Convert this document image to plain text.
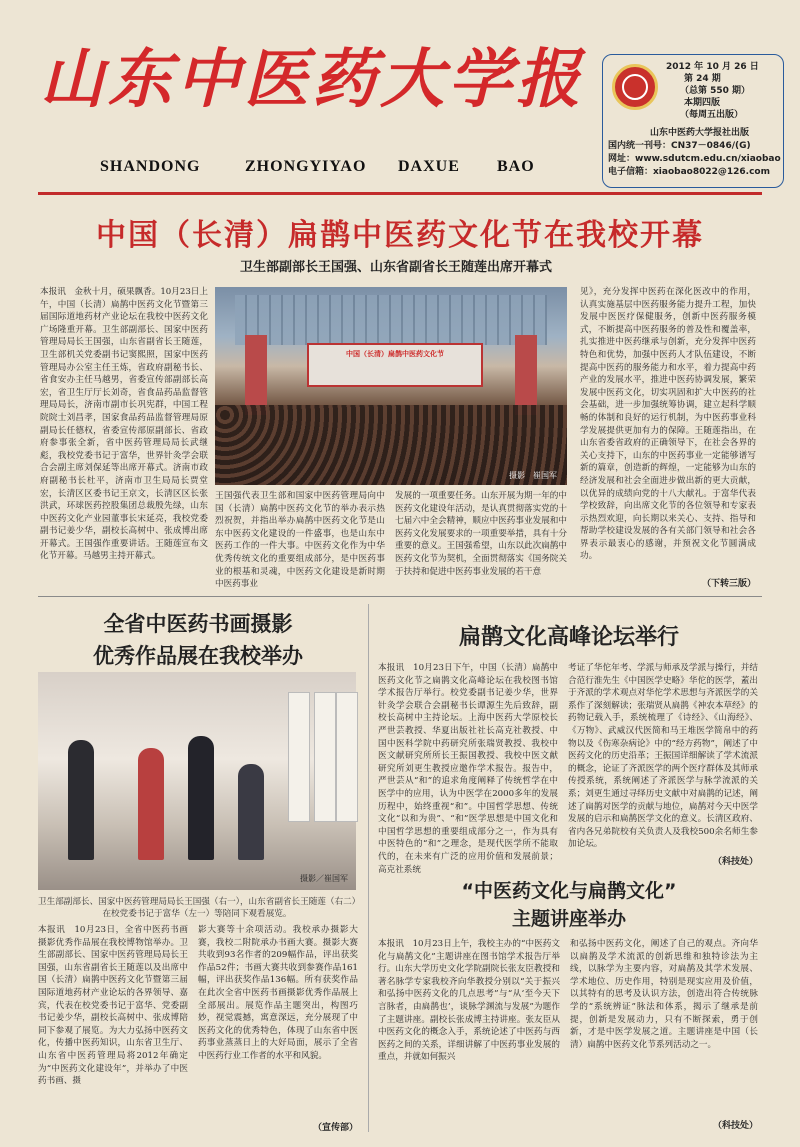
山东中医药大学报
SHANDONG	ZHONGYIYAO DAXUE BAO
2012 年 10 月 26 日
第 24 期
（总第 550 期）
本期四版
（每周五出版）
山东中医药大学报社出版
国内统一刊号：CN37－0846/(G)
网址：www.sdutcm.edu.cn/xiaobao
电子信箱：xiaobao8022@126.com
中国（长清）扁鹊中医药文化节在我校开幕
卫生部副部长王国强、山东省副省长王随莲出席开幕式
本报讯　金秋十月，硕果飘香。10月23日上午，中国（长清）扁鹊中医药文化节暨第三届国际道地药材产业论坛在我校中医药文化广场隆重开幕。卫生部副部长、国家中医药管理局局长王国强，山东省副省长王随莲，卫生部机关党委副书记窦熙照，国家中医药管理局办公室主任王炼，省政府副秘书长、省食安办主任马越男，省委宣传部副部长高宏，省卫生厅厅长刘奇，省食品药品监督管理局局长，济南市副市长巩宪群，中国工程院院士刘昌孝，国家食品药品监督管理局原副局长任德权，省委宣传部原副部长、省政府参事张全新，省中医药管理局局长武继彪，我校党委书记于富华，世界针灸学会联合会副主席刘保延等出席开幕式。济南市政府副秘书长杜平，济南市卫生局局长贾堂宏，长清区区委书记王京文，长清区区长张洪武，环球医药控股集团总裁殷先绿，山东中医药文化产业园董事长宋延亮，我校党委副书记姜少华，副校长高树中、张成博出席开幕式。王国强作重要讲话。王随莲宣布文化节开幕。马越男主持开幕式。
中国（长清）扁鹊中医药文化节
摄影　崔国军
王国强代表卫生部和国家中医药管理局向中国（长清）扁鹊中医药文化节的举办表示热烈祝贺，并指出举办扁鹊中医药文化节是山东中医药文化建设的一件盛事，也是山东中医药工作的一件大事。中医药文化作为中华优秀传统文化的重要组成部分，是中医药事业的根基和灵魂，中医药文化建设是新时期中医药事业
发展的一项重要任务。山东开展为期一年的中医药文化建设年活动，是认真贯彻落实党的十七届六中全会精神，顺应中医药事业发展和中医药文化发展要求的一项重要举措，具有十分重要的意义。王国强希望，山东以此次扁鹊中医药文化节为契机，全面贯彻落实《国务院关于扶持和促进中医药事业发展的若干意
见》，充分发挥中医药在深化医改中的作用，认真实施基层中医药服务能力提升工程，加快发展中医医疗保健服务，创新中医药服务模式，不断提高中医药服务的普及性和覆盖率，扎实推进中医药继承与创新，充分发挥中医药特色和优势，加强中医药人才队伍建设，不断提高中医药的服务能力和水平，着力提高中药产业的发展水平，推进中医药协调发展，繁荣发展中医药文化，切实巩固和扩大中医药的社会基础，进一步加强统筹协调，建立起科学顺畅的体制和良好的运行机制，为中医药事业科学发展提供更加有力的保障。王随莲指出，在山东省委省政府的正确领导下，在社会各界的关心支持下，山东的中医药事业一定能够谱写新的篇章，创造新的辉煌，一定能够为山东的经济发展和社会全面进步做出新的更大贡献，以优异的成绩向党的十八大献礼。于富华代表学校致辞，向出席文化节的各位领导和专家表示热烈欢迎，向长期以来关心、支持、指导和帮助学校建设发展的各有关部门领导和社会各界表示最衷心的感谢，并预祝文化节圆满成功。
（下转三版）
全省中医药书画摄影
优秀作品展在我校举办
摄影／崔国军
卫生部副部长、国家中医药管理局局长王国强（右一），山东省副省长王随莲（右二）在校党委书记于富华（左一）等陪同下观看展览。
本报讯　10月23日，全省中医药书画摄影优秀作品展在我校博物馆举办。卫生部副部长、国家中医药管理局局长王国强，山东省副省长王随莲以及出席中国（长清）扁鹊中医药文化节暨第三届国际道地药材产业论坛的各界领导、嘉宾，代表在校党委书记于富华、党委副书记姜少华，副校长高树中、张成博陪同下参观了展览。为大力弘扬中医药文化，传播中医药知识，山东省卫生厅、山东省中医药管理局将2012年确定为“中医药文化建设年”，并举办了中医药书画、摄
影大赛等十余项活动。我校承办摄影大赛，我校二附院承办书画大赛。摄影大赛共收到93名作者的209幅作品，评出获奖作品52件；书画大赛共收到参赛作品161幅，评出获奖作品136幅。所有获奖作品在此次全省中医药书画摄影优秀作品展上全部展出。展览作品主题突出，构图巧妙，视觉震撼，寓意深远，充分展现了中医药文化的优秀特色，体现了山东省中医药事业蒸蒸日上的大好局面，展示了全省中医药行业工作者的水平和风貌。
（宣传部）
扁鹊文化高峰论坛举行
本报讯　10月23日下午，中国（长清）扁鹊中医药文化节之扁鹊文化高峰论坛在我校图书馆学术报告厅举行。校党委副书记姜少华，世界针灸学会联合会副秘书长谭源生先后致辞，副校长高树中主持论坛。上海中医药大学原校长严世芸教授、华夏出版社社长高克社教授、中国中医科学院中药研究所张瑞贤教授、我校中医文献研究所所长王振国教授、我校中医文献研究所刘更生教授应邀作学术报告。报告中，严世芸从“和”的追求角度阐释了传统哲学在中医学中的应用，认为中医学在2000多年的发展历程中，始终重视“和”。中国哲学思想、传统文化“以和为贵”、“和”医学思想是中国文化和中国哲学思想的重要组成部分之一，作为具有中医特色的“和”之理念，是现代医学所不能取代的，在未来有广泛的应用价值和发展前景；高克社系统
考证了华佗年考、学派与师承及学派与操行，并结合范行淮先生《中国医学史略》华佗的医学，蓋出于齐派的学术观点对华佗学术思想与齐派医学的关系作了深刻解读；张瑞贤从扁鹊《神农本草经》的药物记载入手，系统梳理了《诗经》、《山海经》、《万物》、武威汉代医简和马王堆医学简帛中的药物以及《伤寒杂病论》中的“经方药物”，阐述了中医药文化的历史沿革；王振国详细解读了学术流派的概念，论证了齐派医学的两个医疗群体及其师承传授系统，系统阐述了齐派医学与脉学流派的关系；刘更生通过寻绎历史文献中对扁鹊的记述，阐述了扁鹊对医学的贡献与地位，扁鹊对今天中医学发展的启示和扁鹊医学文化的意义。长清区政府、省内各兄弟院校有关负责人及我校500余名师生参加论坛。
（科技处）
“中医药文化与扁鹊文化”
主题讲座举办
本报讯　10月23日上午，我校主办的“中医药文化与扁鹊文化”主题讲座在图书馆学术报告厅举行。山东大学历史文化学院副院长张友臣教授和著名脉学专家我校齐向华教授分别以“关于振兴和弘扬中医药文化的几点思考”与“从‘至今天下言脉者，由扁鹊也’，谈脉学渊流与发展”为题作了主题讲座。副校长张成博主持讲座。张友臣从中医药文化的概念入手，系统论述了中医药与西医药之间的关系，详细讲解了中医药事业发展的重点，并就如何振兴
和弘扬中医药文化，阐述了自己的观点。齐向华以扁鹊及学术流派的创新思维和独特诊法为主线，以脉学为主要内容，对扁鹊及其学术发展、学术地位、历史作用，特别是现实应用及价值，以其特有的思考及认识方法，创造出符合传统脉学的“系统辨证”脉法和体系，揭示了继承是前提，创新是发展动力，只有不断探索，勇于创新，才是中医学发展之道。主题讲座是中国（长清）扁鹊中医药文化节系列活动之一。
（科技处）
